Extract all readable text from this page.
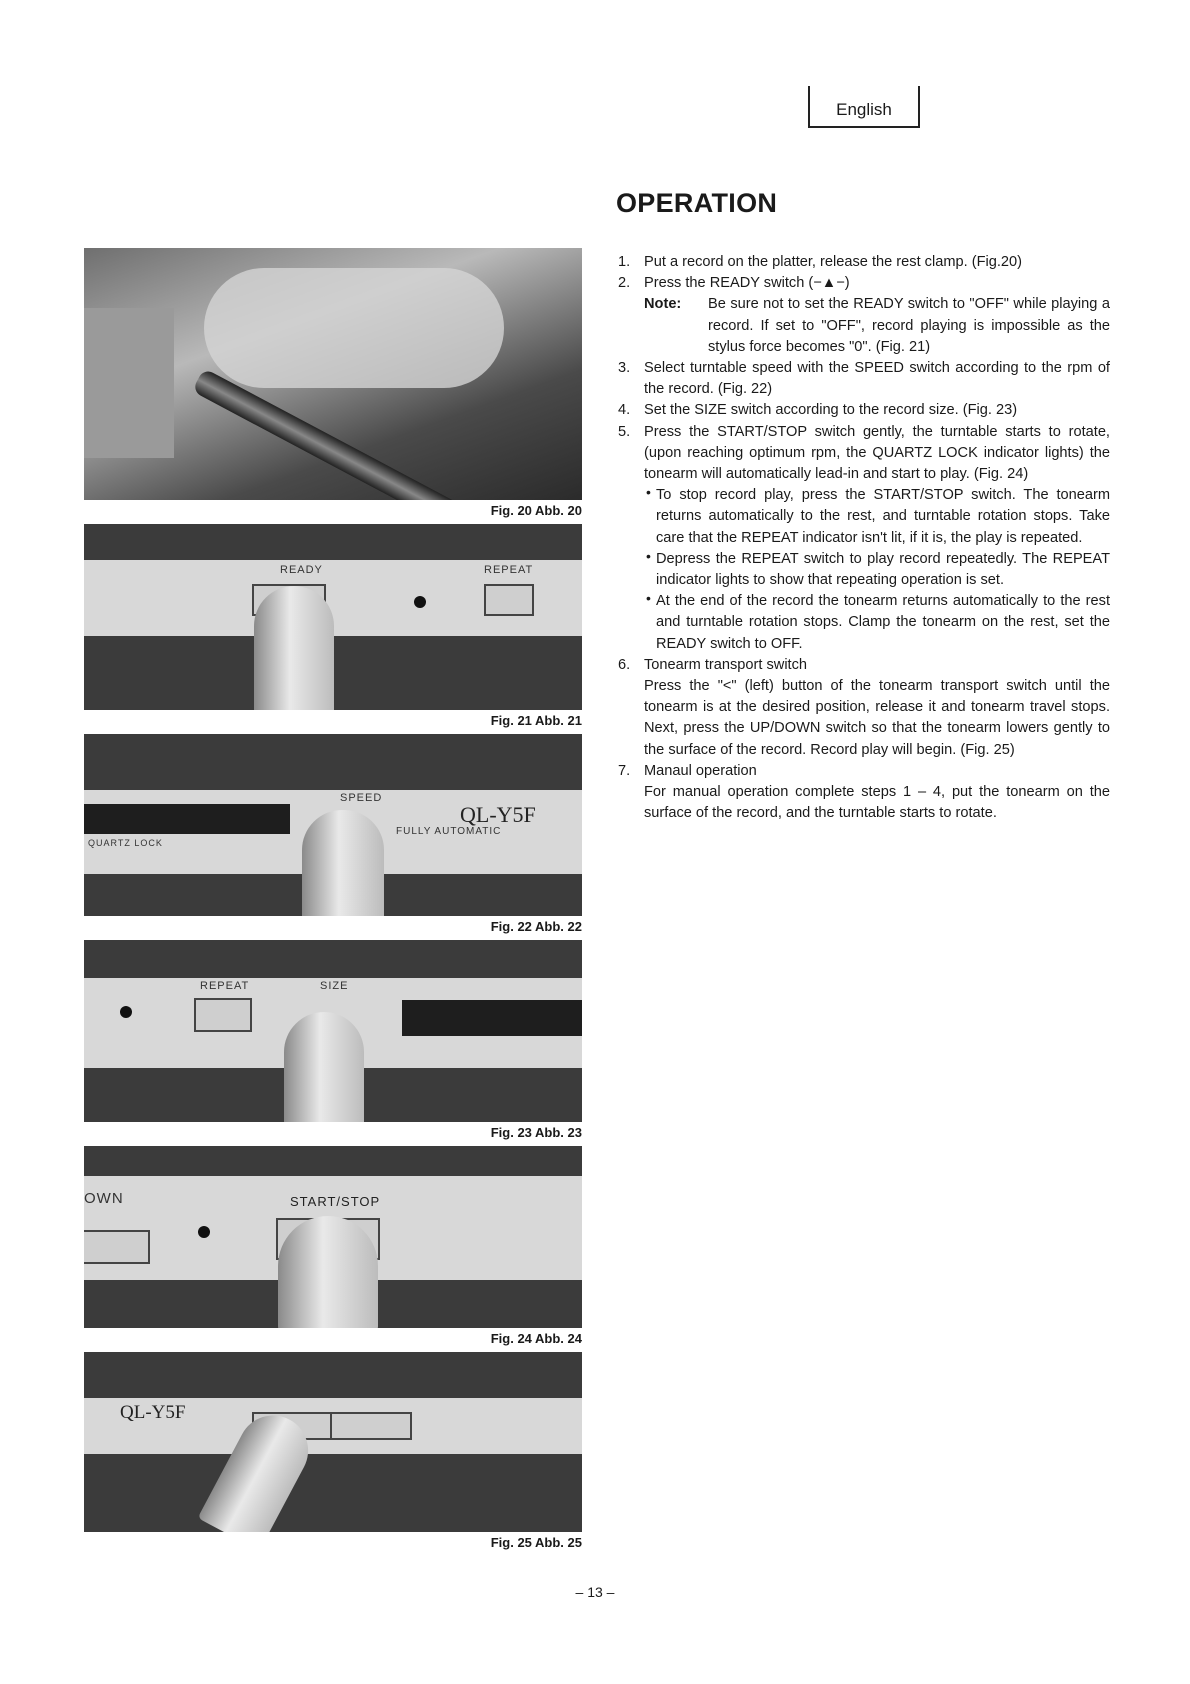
English
OPERATION
Fig. 20 Abb. 20
READY	REPEAT
Fig. 21 Abb. 21
SPEED
QL-Y5F
FULLY AUTOMATIC
QUARTZ LOCK
Fig. 22 Abb. 22
REPEAT	SIZE
Fig. 23 Abb. 23
OWN	START/STOP
Fig. 24 Abb. 24
QL-Y5F
Fig. 25 Abb. 25
1. Put a record on the platter, release the rest clamp. (Fig.20)
2. Press the READY switch (−▲−)
Note: Be sure not to set the READY switch to "OFF" while playing a record. If set to "OFF", record playing is impossible as the stylus force becomes "0". (Fig. 21)
3. Select turntable speed with the SPEED switch according to the rpm of the record. (Fig. 22)
4. Set the SIZE switch according to the record size. (Fig. 23)
5. Press the START/STOP switch gently, the turntable starts to rotate, (upon reaching optimum rpm, the QUARTZ LOCK indicator lights) the tonearm will automatically lead-in and start to play. (Fig. 24)
• To stop record play, press the START/STOP switch. The tonearm returns automatically to the rest, and turntable rotation stops. Take care that the REPEAT indicator isn't lit, if it is, the play is repeated.
• Depress the REPEAT switch to play record repeatedly. The REPEAT indicator lights to show that repeating operation is set.
• At the end of the record the tonearm returns automatically to the rest and turntable rotation stops. Clamp the tonearm on the rest, set the READY switch to OFF.
6. Tonearm transport switch
Press the "<" (left) button of the tonearm transport switch until the tonearm is at the desired position, release it and tonearm travel stops. Next, press the UP/DOWN switch so that the tonearm lowers gently to the surface of the record. Record play will begin. (Fig. 25)
7. Manaul operation
For manual operation complete steps 1 – 4, put the tonearm on the surface of the record, and the turntable starts to rotate.
– 13 –
